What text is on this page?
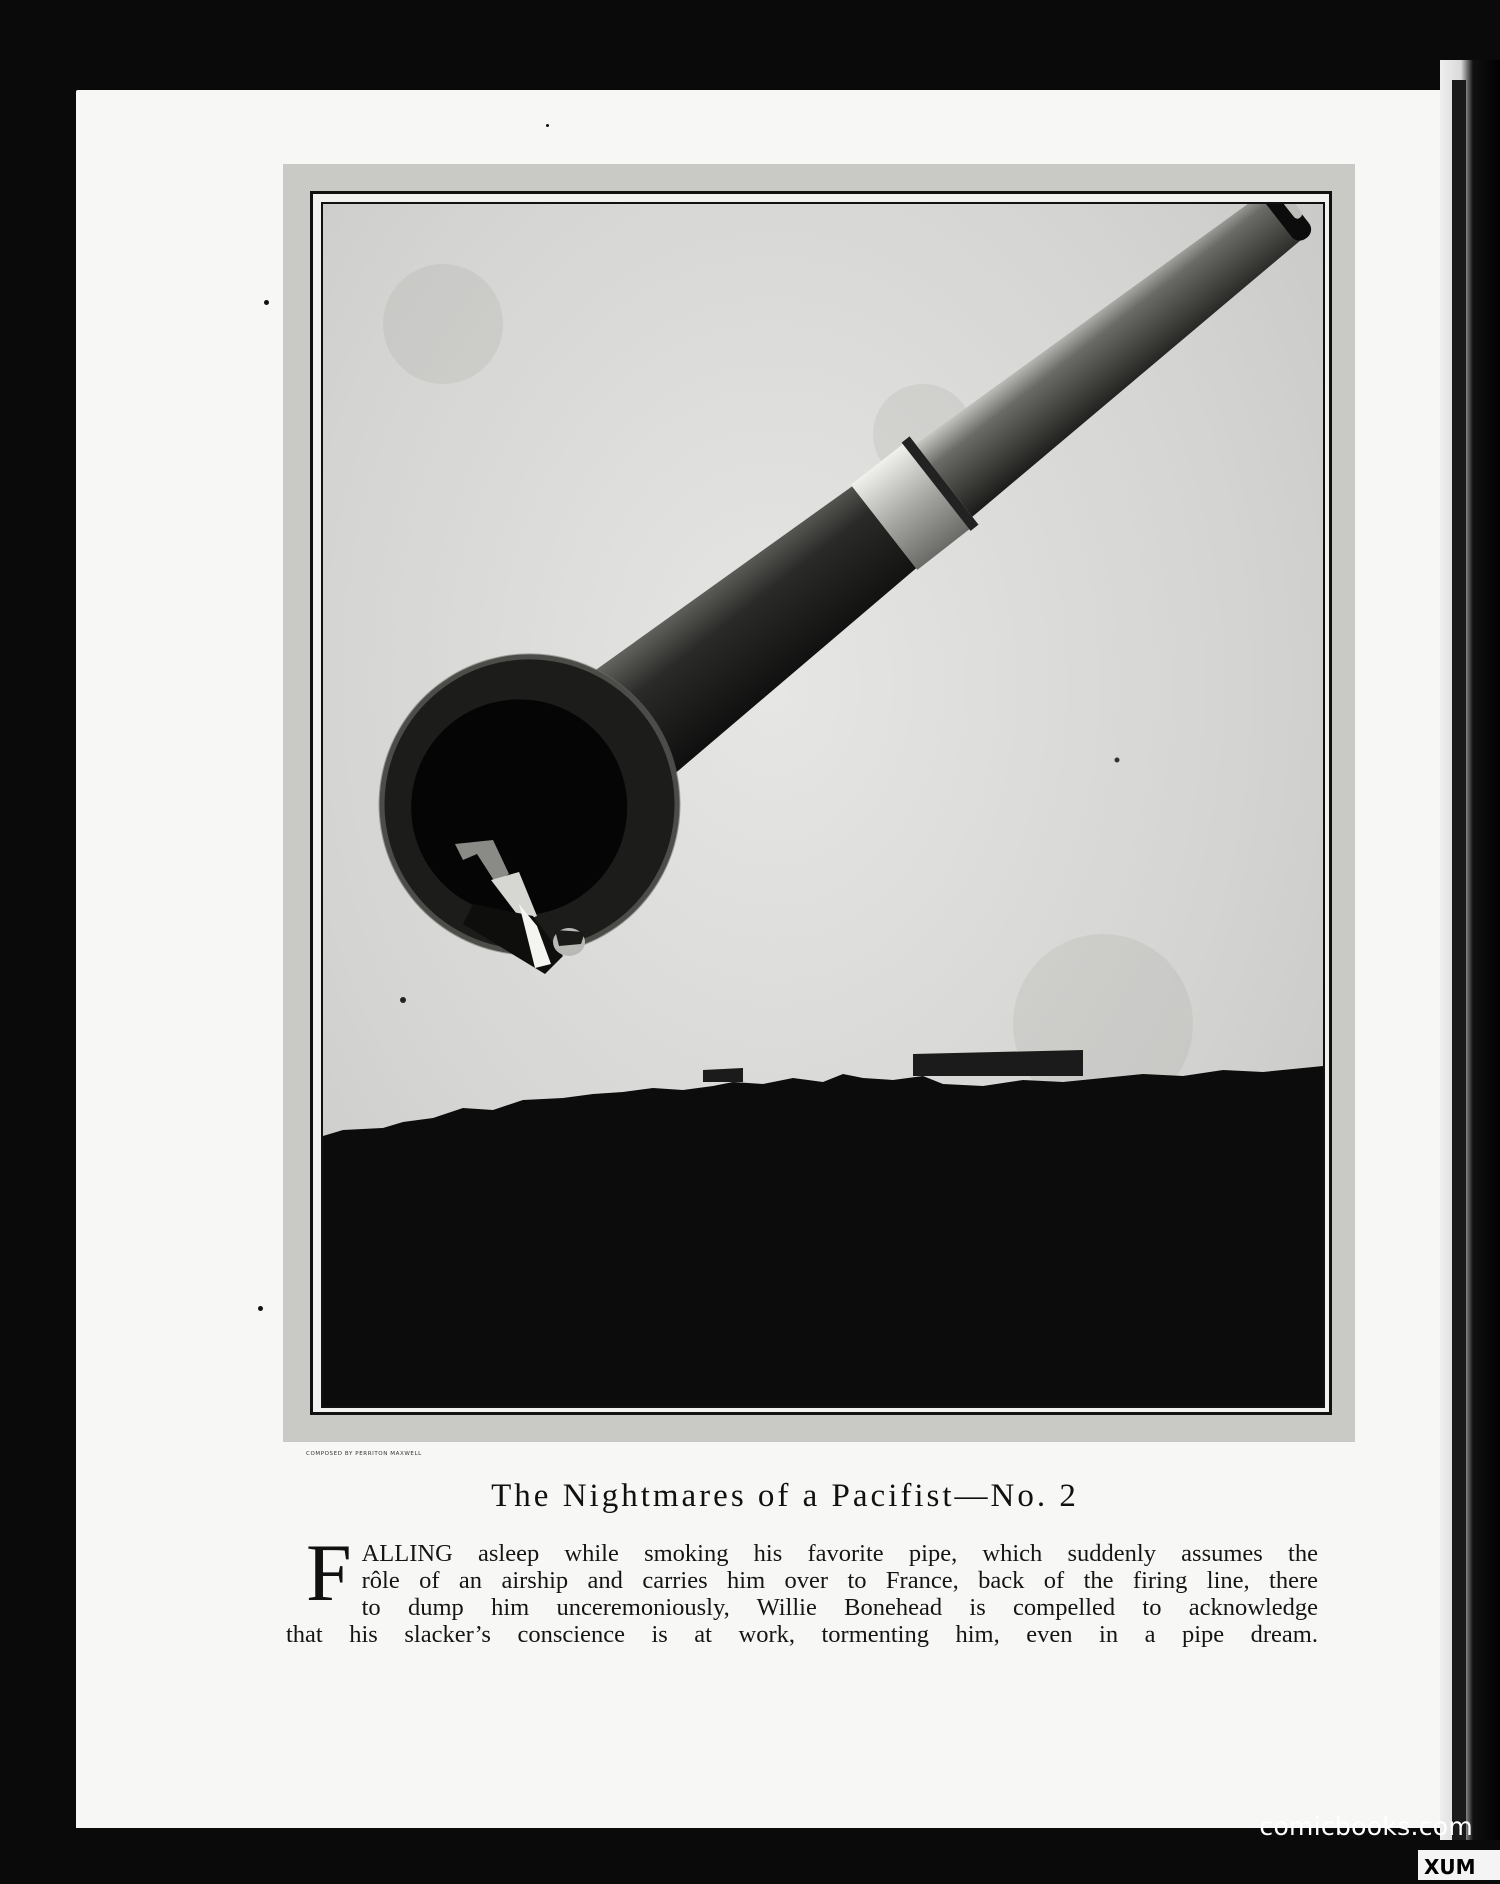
COMPOSED BY PERRITON MAXWELL
The Nightmares of a Pacifist—No. 2
F ALLING asleep while smoking his favorite pipe, which suddenly assumes the
rôle of an airship and carries him over to France, back of the firing line, there
to dump him unceremoniously, Willie Bonehead is compelled to acknowledge
that his slacker’s conscience is at work, tormenting him, even in a pipe dream.
comicbooks.com
XUM
